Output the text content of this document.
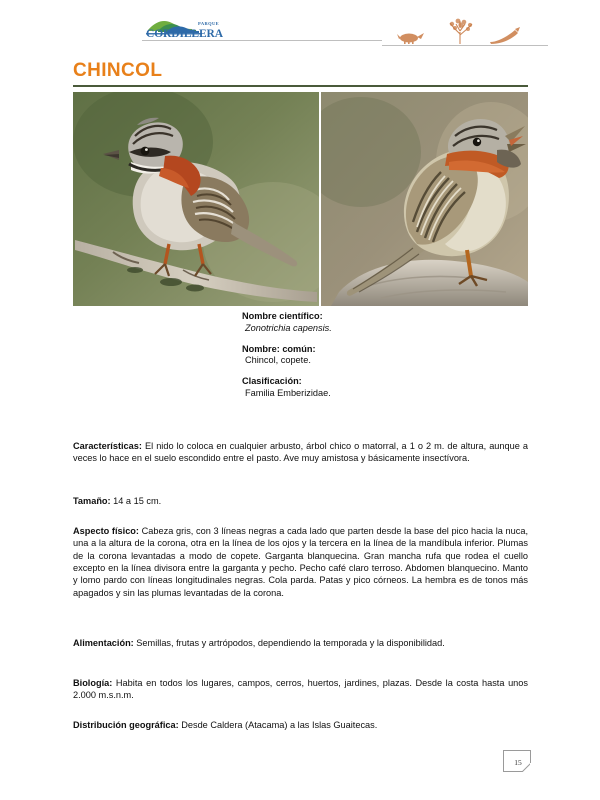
PARQUE
CORDILLERA
CHINCOL
Nombre científico:
Zonotrichia capensis.
Nombre: común:
Chincol, copete.
Clasificación:
Familia Emberizidae.

Características: El nido lo coloca en cualquier arbusto, árbol chico o matorral, a 1 o 2 m. de altura, aunque a veces lo hace en el suelo escondido entre el pasto. Ave muy amistosa y básicamente insectívora.

Tamaño: 14 a 15 cm.

Aspecto físico: Cabeza gris, con 3 líneas negras a cada lado que parten desde la base del pico hacia la nuca, una a la altura de la corona, otra en la línea de los ojos y la tercera en la línea de la mandíbula inferior. Plumas de la corona levantadas a modo de copete. Garganta blanquecina. Gran mancha rufa que rodea el cuello excepto en la línea divisora entre la garganta y pecho. Pecho café claro terroso. Abdomen blanquecino. Manto y lomo pardo con líneas longitudinales negras. Cola parda. Patas y pico córneos. La hembra es de tonos más apagados y sin las plumas levantadas de la corona.

Alimentación: Semillas, frutas y artrópodos, dependiendo la temporada y la disponibilidad.

Biología: Habita en todos los lugares, campos, cerros, huertos, jardines, plazas. Desde la costa hasta unos 2.000 m.s.n.m.

Distribución geográfica: Desde Caldera (Atacama) a las Islas Guaitecas.

15
